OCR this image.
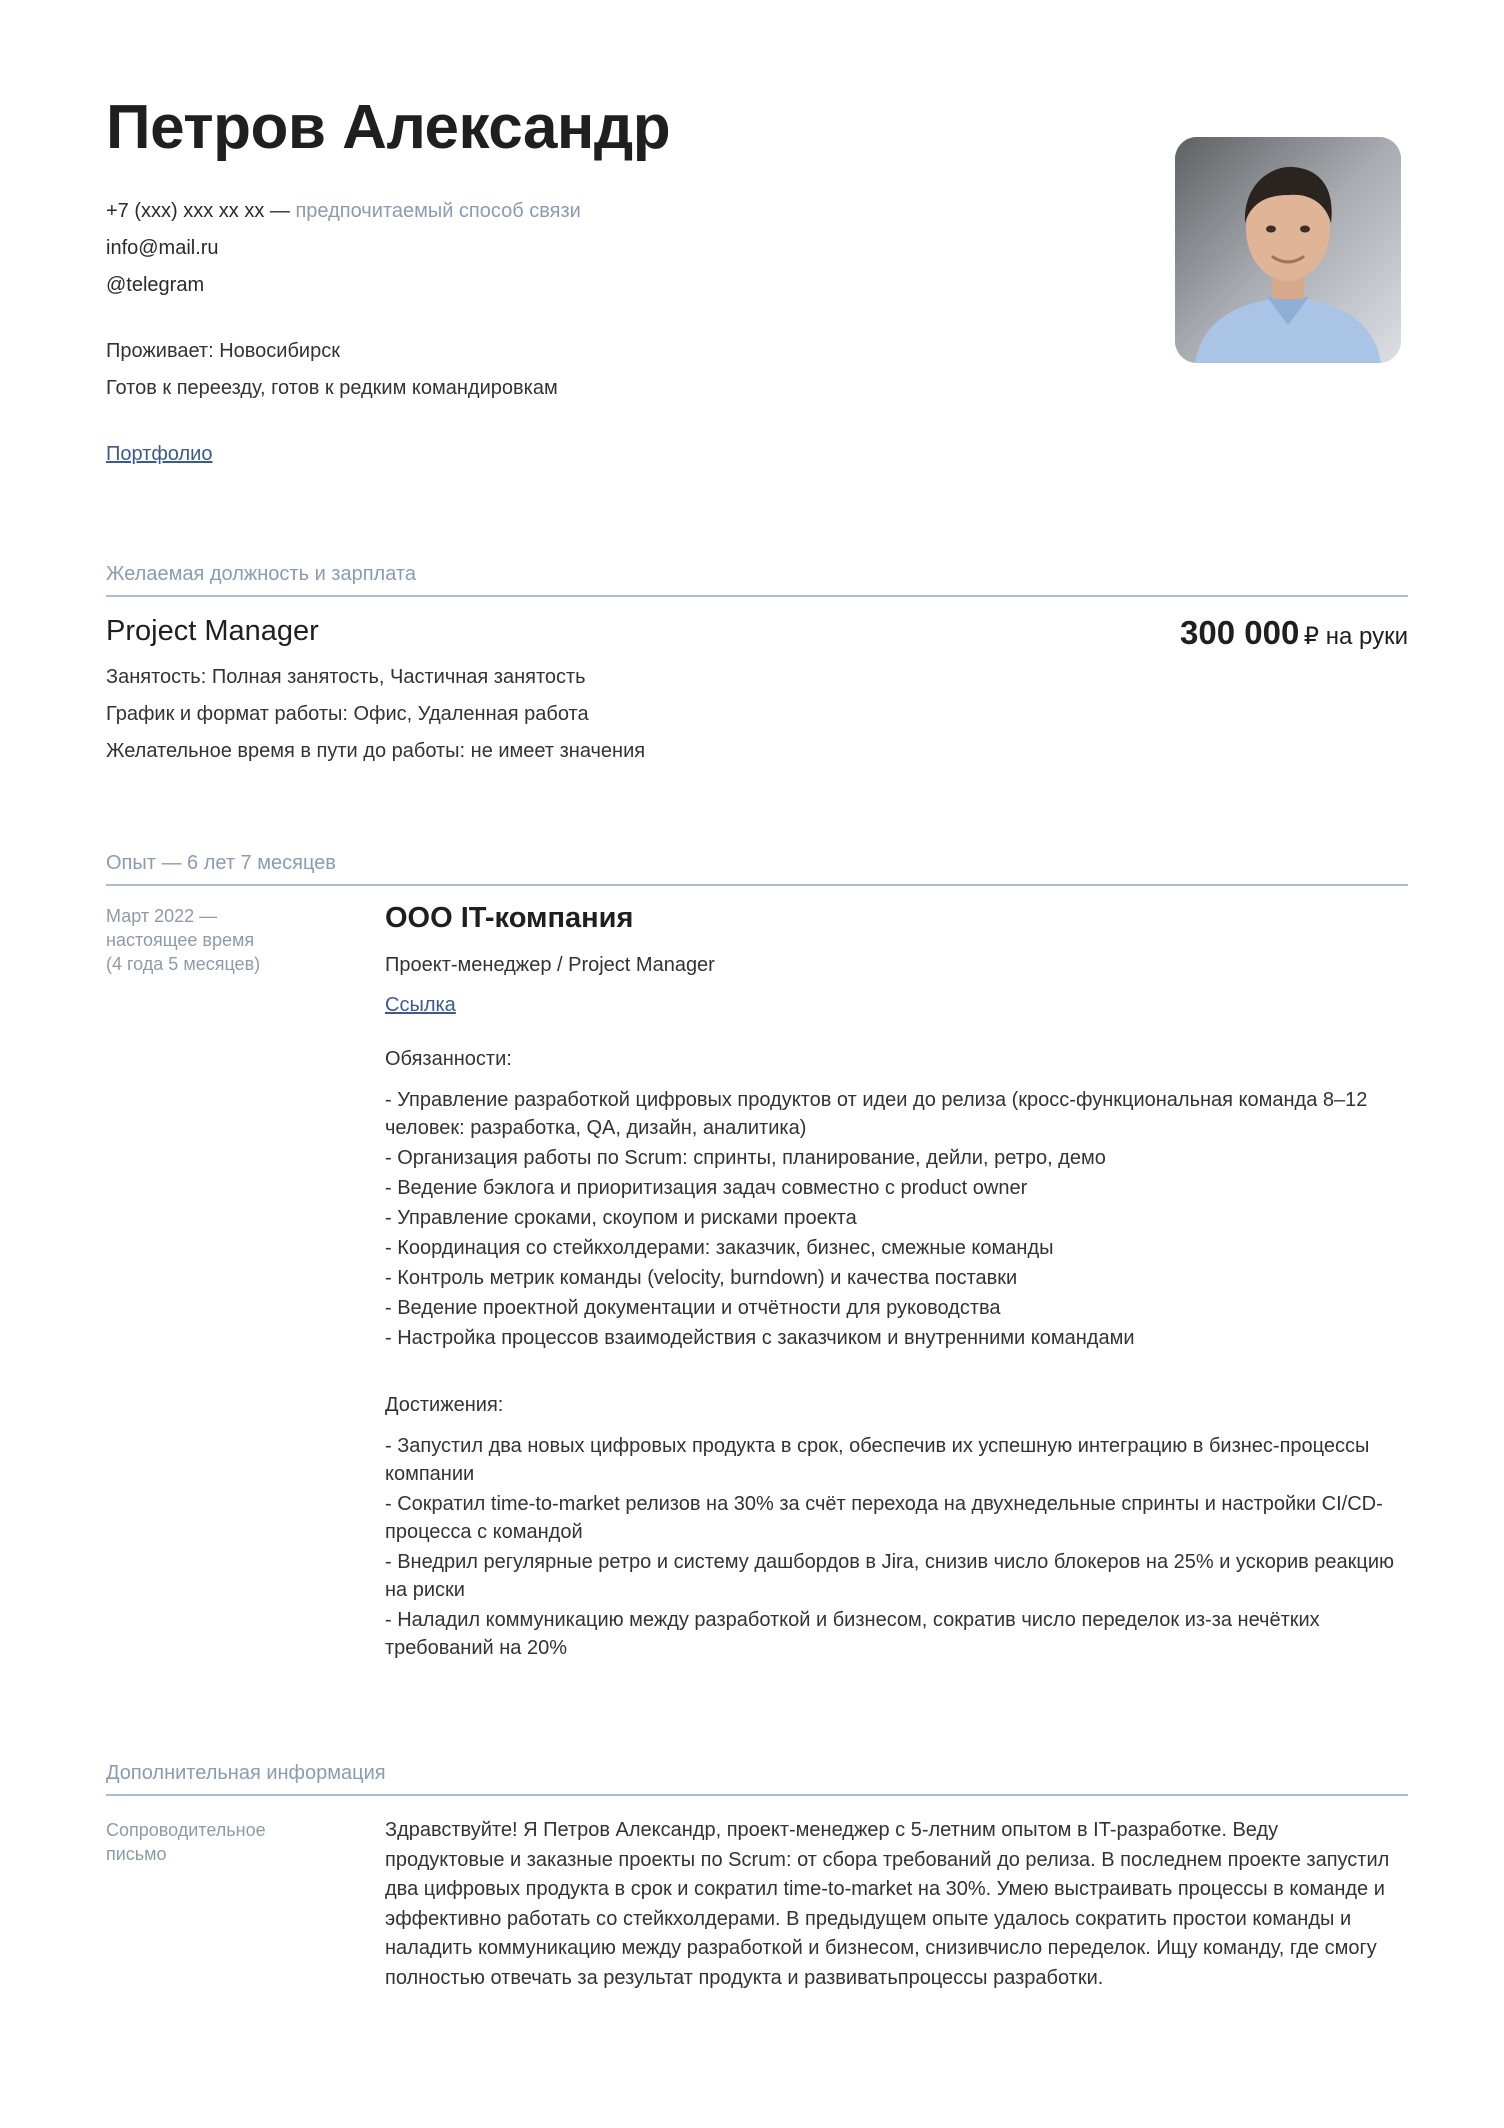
Петров Александр
+7 (xxx) xxx xx xx — предпочитаемый способ связи
info@mail.ru
@telegram
Проживает: Новосибирск
Готов к переезду, готов к редким командировкам
Портфолио
Желаемая должность и зарплата
Project Manager	300 000 ₽ на руки
Занятость: Полная занятость, Частичная занятость
График и формат работы: Офис, Удаленная работа
Желательное время в пути до работы: не имеет значения
Опыт — 6 лет 7 месяцев
Март 2022 —
настоящее время
(4 года 5 месяцев)
ООО IT-компания
Проект-менеджер / Project Manager
Ссылка
Обязанности:
- Управление разработкой цифровых продуктов от идеи до релиза (кросс-функциональная команда 8–12 человек: разработка, QA, дизайн, аналитика)
- Организация работы по Scrum: спринты, планирование, дейли, ретро, демо
- Ведение бэклога и приоритизация задач совместно с product owner
- Управление сроками, скоупом и рисками проекта
- Координация со стейкхолдерами: заказчик, бизнес, смежные команды
- Контроль метрик команды (velocity, burndown) и качества поставки
- Ведение проектной документации и отчётности для руководства
- Настройка процессов взаимодействия с заказчиком и внутренними командами
Достижения:
- Запустил два новых цифровых продукта в срок, обеспечив их успешную интеграцию в бизнес-процессы компании
- Сократил time-to-market релизов на 30% за счёт перехода на двухнедельные спринты и настройки CI/CD-процесса с командой
- Внедрил регулярные ретро и систему дашбордов в Jira, снизив число блокеров на 25% и ускорив реакцию на риски
- Наладил коммуникацию между разработкой и бизнесом, сократив число переделок из-за нечётких требований на 20%
Дополнительная информация
Сопроводительное
письмо
Здравствуйте! Я Петров Александр, проект-менеджер с 5-летним опытом в IT-разработке. Веду продуктовые и заказные проекты по Scrum: от сбора требований до релиза. В последнем проекте запустил два цифровых продукта в срок и сократил time-to-market на 30%. Умею выстраивать процессы в команде и эффективно работать со стейкхолдерами. В предыдущем опыте удалось сократить простои команды и наладить коммуникацию между разработкой и бизнесом, снизивчисло переделок. Ищу команду, где смогу полностью отвечать за результат продукта и развиватьпроцессы разработки.
